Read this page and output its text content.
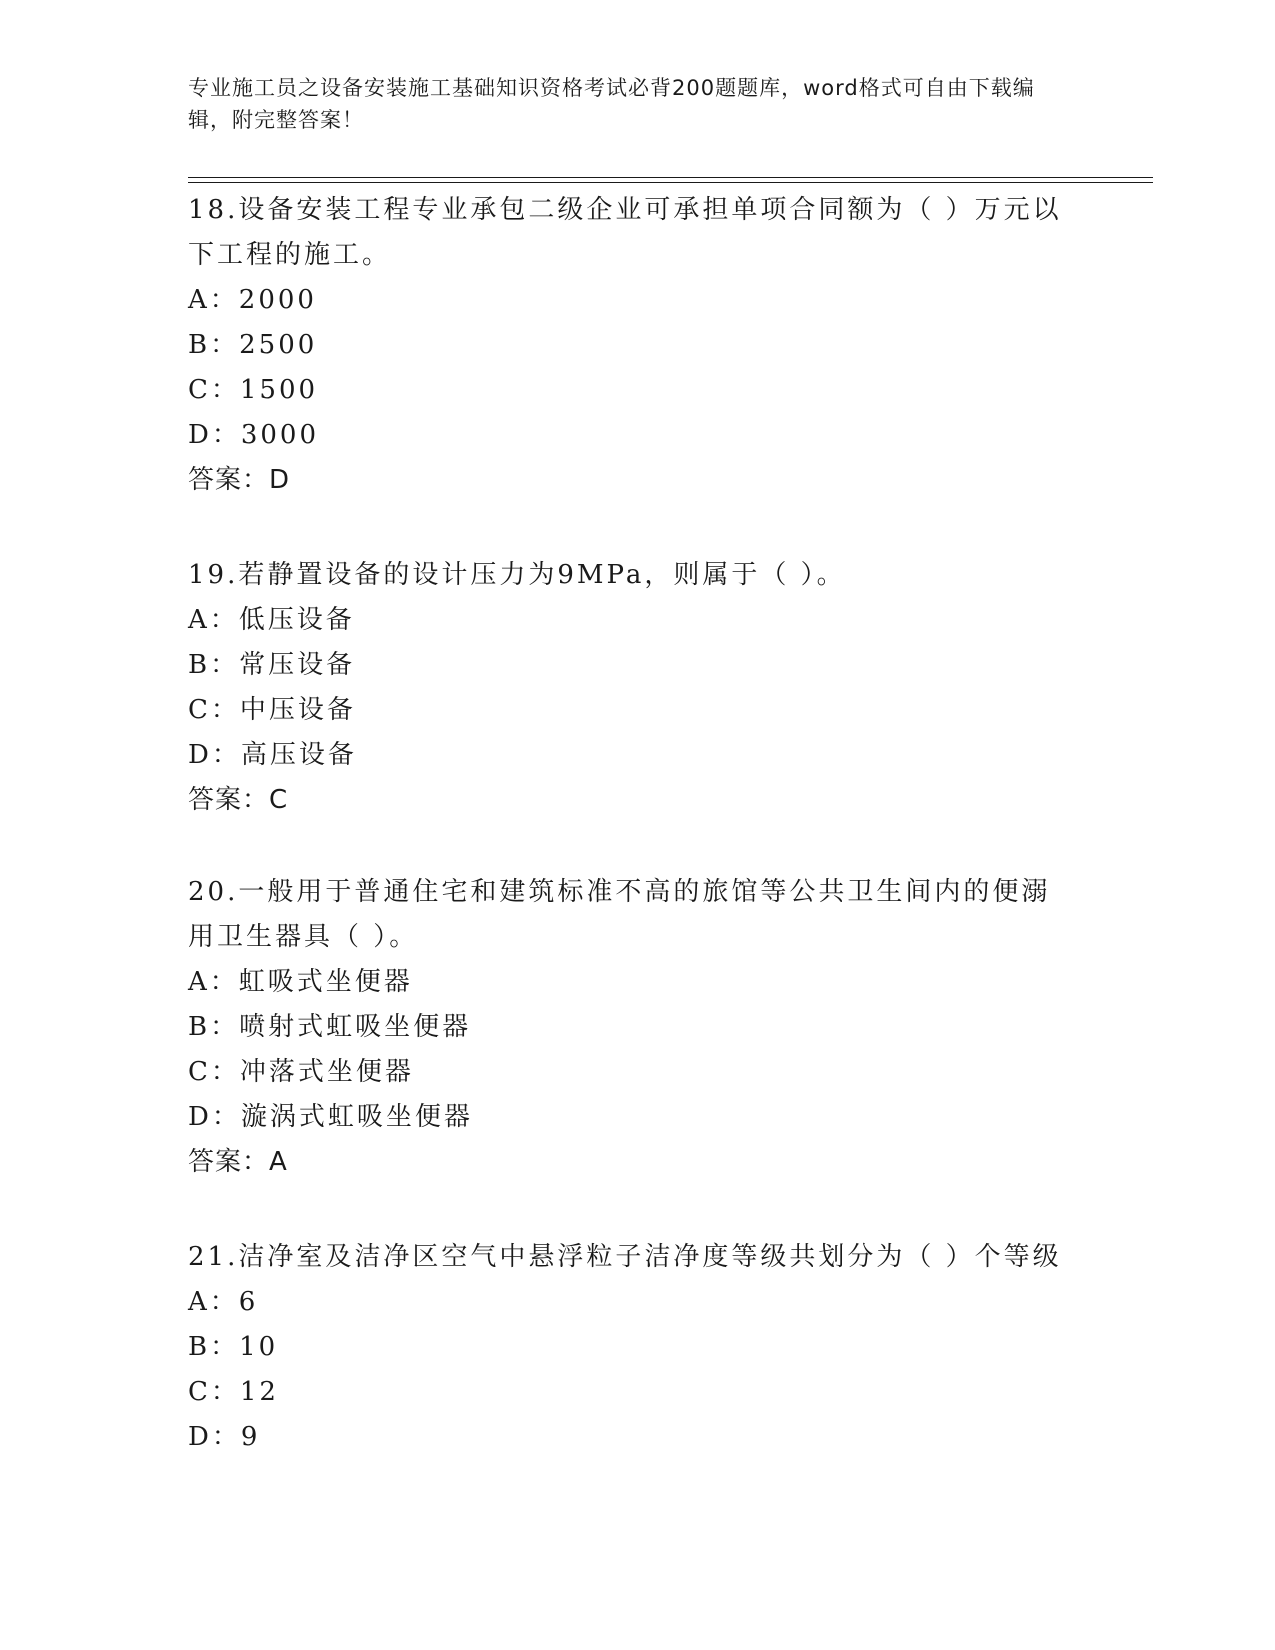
专业施工员之设备安装施工基础知识资格考试必背200题题库，word格式可自由下载编辑，附完整答案！
18.设备安装工程专业承包二级企业可承担单项合同额为（ ）万元以下工程的施工。
A：2000
B：2500
C：1500
D：3000
答案：D
19.若静置设备的设计压力为9MPa，则属于（ ）。
A：低压设备
B：常压设备
C：中压设备
D：高压设备
答案：C
20.一般用于普通住宅和建筑标准不高的旅馆等公共卫生间内的便溺用卫生器具（ ）。
A：虹吸式坐便器
B：喷射式虹吸坐便器
C：冲落式坐便器
D：漩涡式虹吸坐便器
答案：A
21.洁净室及洁净区空气中悬浮粒子洁净度等级共划分为（ ）个等级
A：6
B：10
C：12
D：9
